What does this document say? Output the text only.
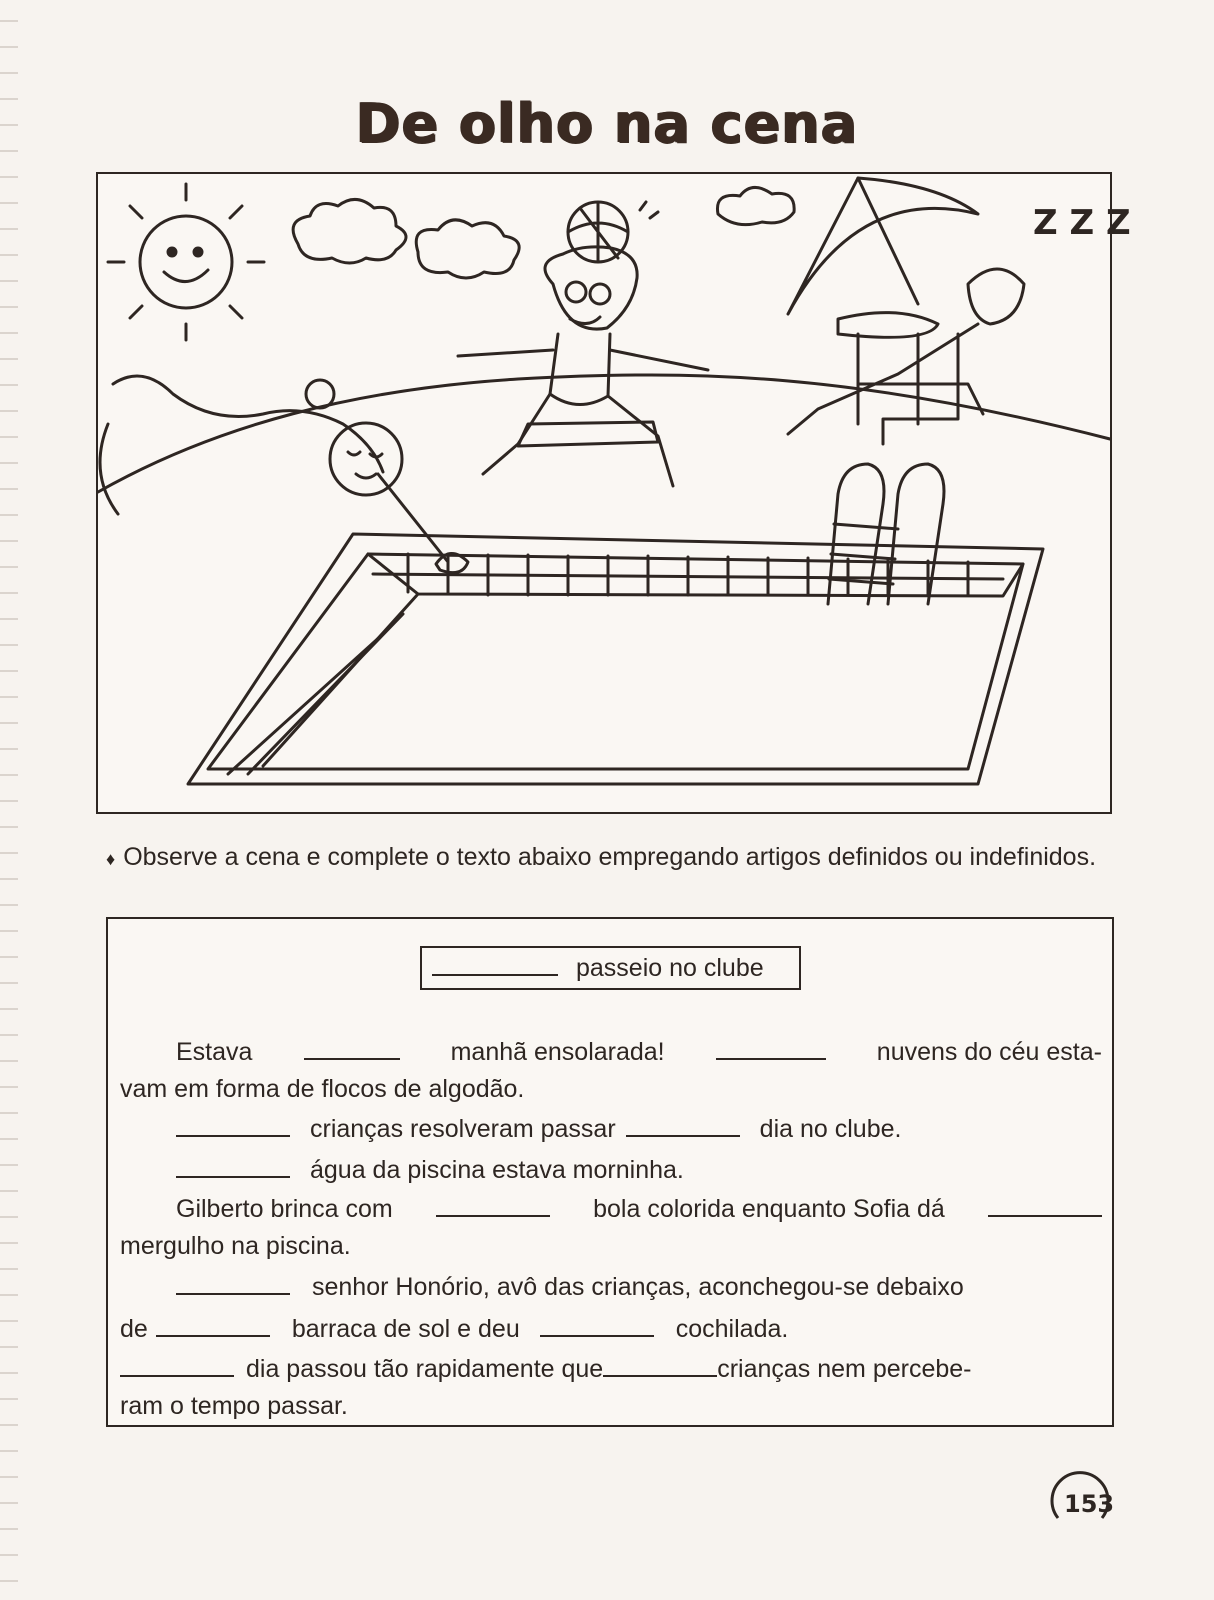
De olho na cena
Z Z Z
♦ Observe a cena e complete o texto abaixo empregando artigos definidos ou indefinidos.
passeio no clube
Estava	manhã ensolarada!	nuvens do céu esta-
vam em forma de flocos de algodão.
crianças resolveram passar	dia no clube.
água da piscina estava morninha.
Gilberto brinca com	bola colorida enquanto Sofia dá
mergulho na piscina.
senhor Honório, avô das crianças, aconchegou-se debaixo
de	barraca de sol e deu	cochilada.
dia passou tão rapidamente que	crianças nem percebe-
ram o tempo passar.
153
